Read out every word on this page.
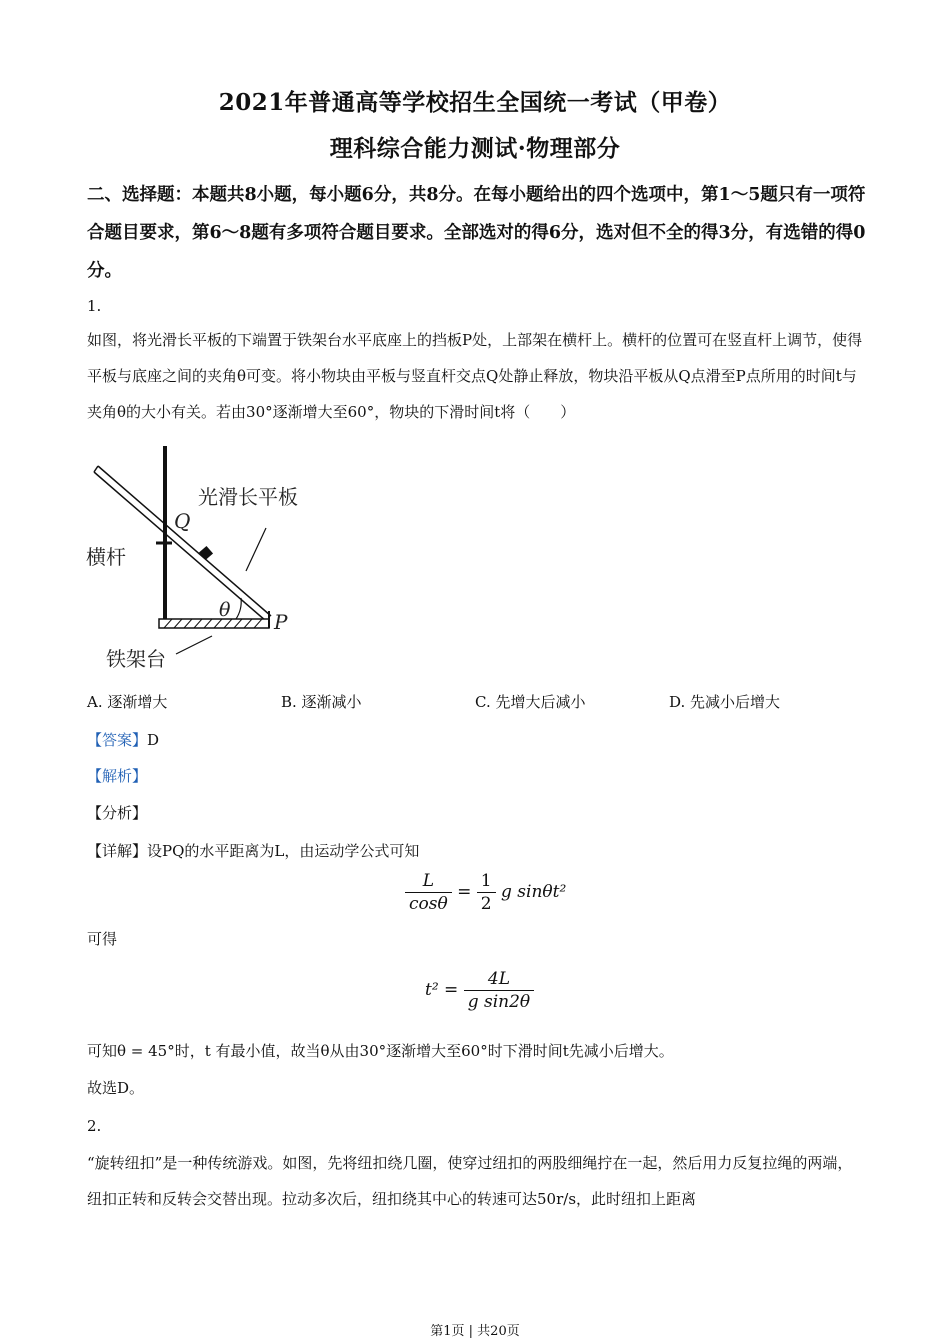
2021年普通高等学校招生全国统一考试（甲卷）
理科综合能力测试·物理部分
二、选择题：本题共8小题，每小题6分，共8分。在每小题给出的四个选项中，第1～5题只有一项符合题目要求，第6～8题有多项符合题目要求。全部选对的得6分，选对但不全的得3分，有选错的得0分。
1.
如图，将光滑长平板的下端置于铁架台水平底座上的挡板P处，上部架在横杆上。横杆的位置可在竖直杆上调节，使得平板与底座之间的夹角θ可变。将小物块由平板与竖直杆交点Q处静止释放，物块沿平板从Q点滑至P点所用的时间t与夹角θ的大小有关。若由30°逐渐增大至60°，物块的下滑时间t将（　　）
光滑长平板
横杆
铁架台
Q
P
θ
A. 逐渐增大	B. 逐渐减小	C. 先增大后减小	D. 先减小后增大
【答案】D
【解析】
【分析】
【详解】设PQ的水平距离为L，由运动学公式可知
$\frac{L}{\cos\theta} = \frac{1}{2}$ g sinθt²
可得
$t^2 = \frac{4L}{\text{g sin2θ}}$
可知θ = 45°时，t 有最小值，故当θ从由30°逐渐增大至60°时下滑时间t先减小后增大。
故选D。
2.
“旋转纽扣”是一种传统游戏。如图，先将纽扣绕几圈，使穿过纽扣的两股细绳拧在一起，然后用力反复拉绳的两端，纽扣正转和反转会交替出现。拉动多次后，纽扣绕其中心的转速可达50r/s，此时纽扣上距离
第1页 | 共20页
